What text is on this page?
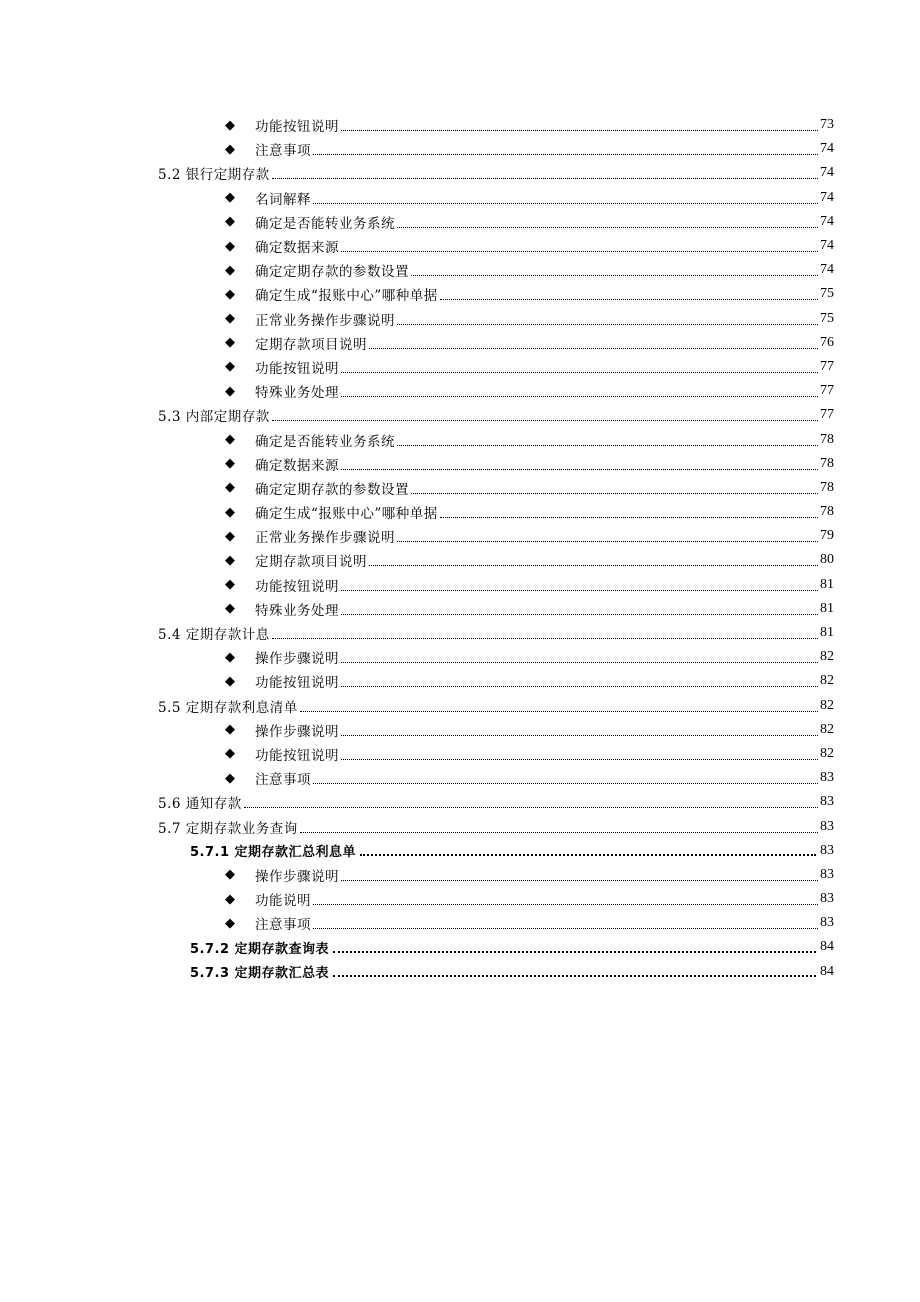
◆	功能按钮说明	73
◆	注意事项	74
5.2 银行定期存款	74
◆	名词解释	74
◆	确定是否能转业务系统	74
◆	确定数据来源	74
◆	确定定期存款的参数设置	74
◆	确定生成“报账中心”哪种单据	75
◆	正常业务操作步骤说明	75
◆	定期存款项目说明	76
◆	功能按钮说明	77
◆	特殊业务处理	77
5.3 内部定期存款	77
◆	确定是否能转业务系统	78
◆	确定数据来源	78
◆	确定定期存款的参数设置	78
◆	确定生成“报账中心”哪种单据	78
◆	正常业务操作步骤说明	79
◆	定期存款项目说明	80
◆	功能按钮说明	81
◆	特殊业务处理	81
5.4 定期存款计息	81
◆	操作步骤说明	82
◆	功能按钮说明	82
5.5 定期存款利息清单	82
◆	操作步骤说明	82
◆	功能按钮说明	82
◆	注意事项	83
5.6 通知存款	83
5.7 定期存款业务查询	83
5.7.1 定期存款汇总利息单	83
◆	操作步骤说明	83
◆	功能说明	83
◆	注意事项	83
5.7.2 定期存款查询表	84
5.7.3 定期存款汇总表	84
